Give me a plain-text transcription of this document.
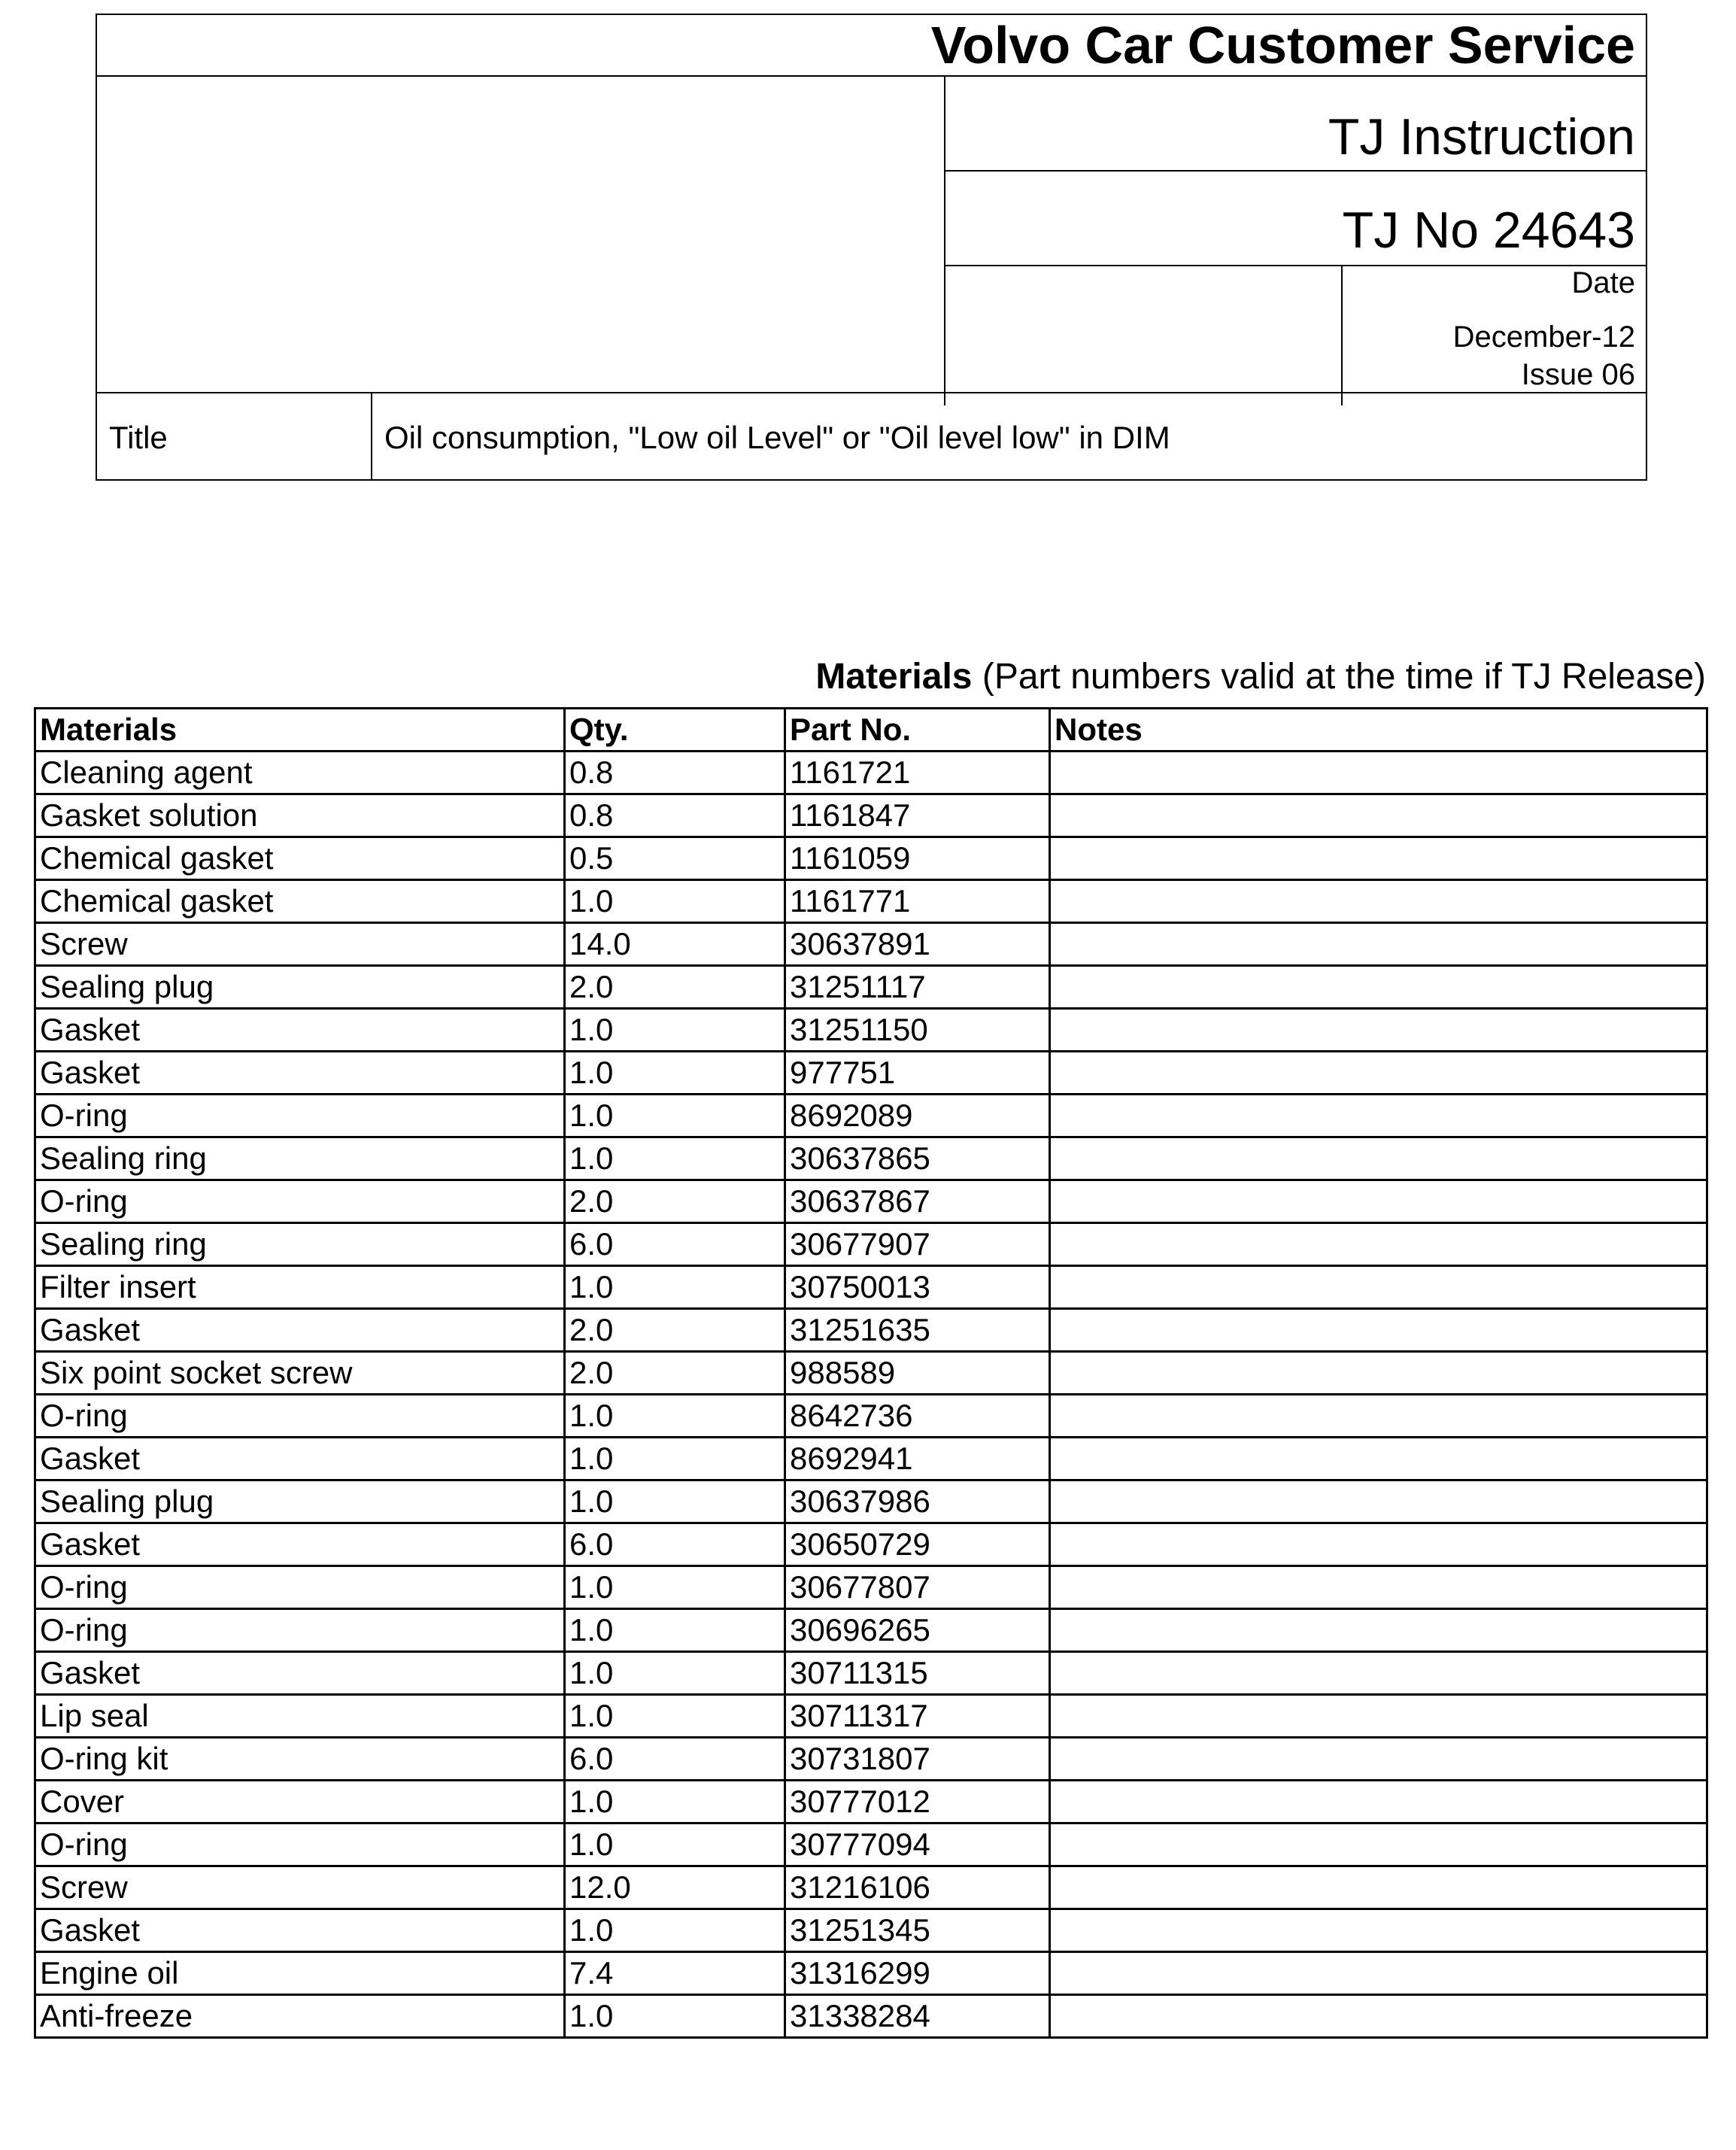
Volvo Car Customer Service
TJ Instruction
TJ No 24643
Date
December-12
Issue 06
Title	Oil consumption, "Low oil Level" or "Oil level low" in DIM
Materials (Part numbers valid at the time if TJ Release)
Materials	Qty.	Part No.	Notes
Cleaning agent	0.8	1161721	
Gasket solution	0.8	1161847	
Chemical gasket	0.5	1161059	
Chemical gasket	1.0	1161771	
Screw	14.0	30637891	
Sealing plug	2.0	31251117	
Gasket	1.0	31251150	
Gasket	1.0	977751	
O-ring	1.0	8692089	
Sealing ring	1.0	30637865	
O-ring	2.0	30637867	
Sealing ring	6.0	30677907	
Filter insert	1.0	30750013	
Gasket	2.0	31251635	
Six point socket screw	2.0	988589	
O-ring	1.0	8642736	
Gasket	1.0	8692941	
Sealing plug	1.0	30637986	
Gasket	6.0	30650729	
O-ring	1.0	30677807	
O-ring	1.0	30696265	
Gasket	1.0	30711315	
Lip seal	1.0	30711317	
O-ring kit	6.0	30731807	
Cover	1.0	30777012	
O-ring	1.0	30777094	
Screw	12.0	31216106	
Gasket	1.0	31251345	
Engine oil	7.4	31316299	
Anti-freeze	1.0	31338284	
